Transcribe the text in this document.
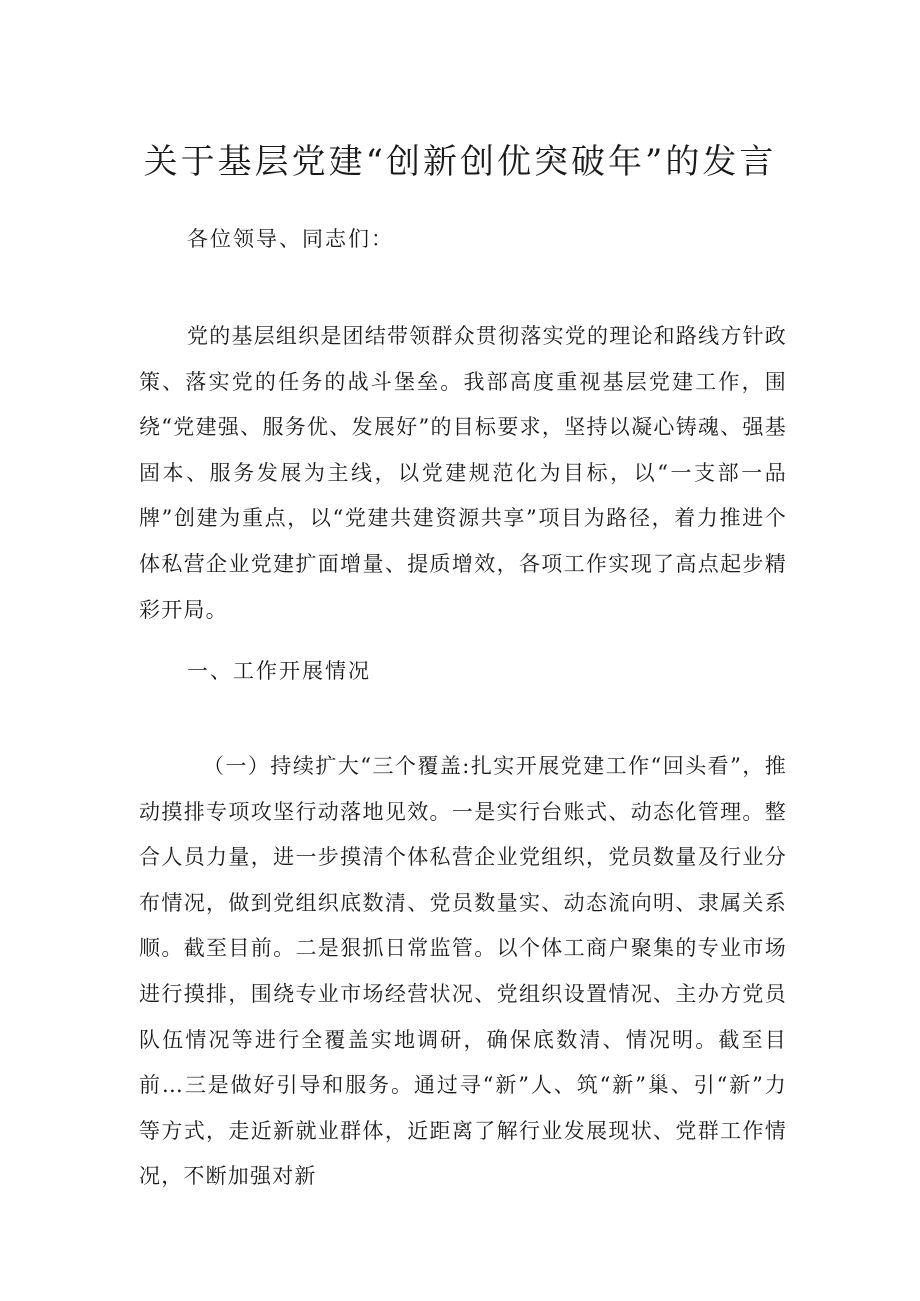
关于基层党建“创新创优突破年”的发言

各位领导、同志们：

党的基层组织是团结带领群众贯彻落实党的理论和路线方针政策、落实党的任务的战斗堡垒。我部高度重视基层党建工作，围绕“党建强、服务优、发展好”的目标要求，坚持以凝心铸魂、强基固本、服务发展为主线，以党建规范化为目标，以“一支部一品牌”创建为重点，以“党建共建资源共享”项目为路径，着力推进个体私营企业党建扩面增量、提质增效，各项工作实现了高点起步精彩开局。

一、工作开展情况

（一）持续扩大“三个覆盖:扎实开展党建工作“回头看”，推动摸排专项攻坚行动落地见效。一是实行台账式、动态化管理。整合人员力量，进一步摸清个体私营企业党组织，党员数量及行业分布情况，做到党组织底数清、党员数量实、动态流向明、隶属关系顺。截至目前。二是狠抓日常监管。以个体工商户聚集的专业市场进行摸排，围绕专业市场经营状况、党组织设置情况、主办方党员队伍情况等进行全覆盖实地调研，确保底数清、情况明。截至目前…三是做好引导和服务。通过寻“新”人、筑“新”巢、引“新”力等方式，走近新就业群体，近距离了解行业发展现状、党群工作情况，不断加强对新
